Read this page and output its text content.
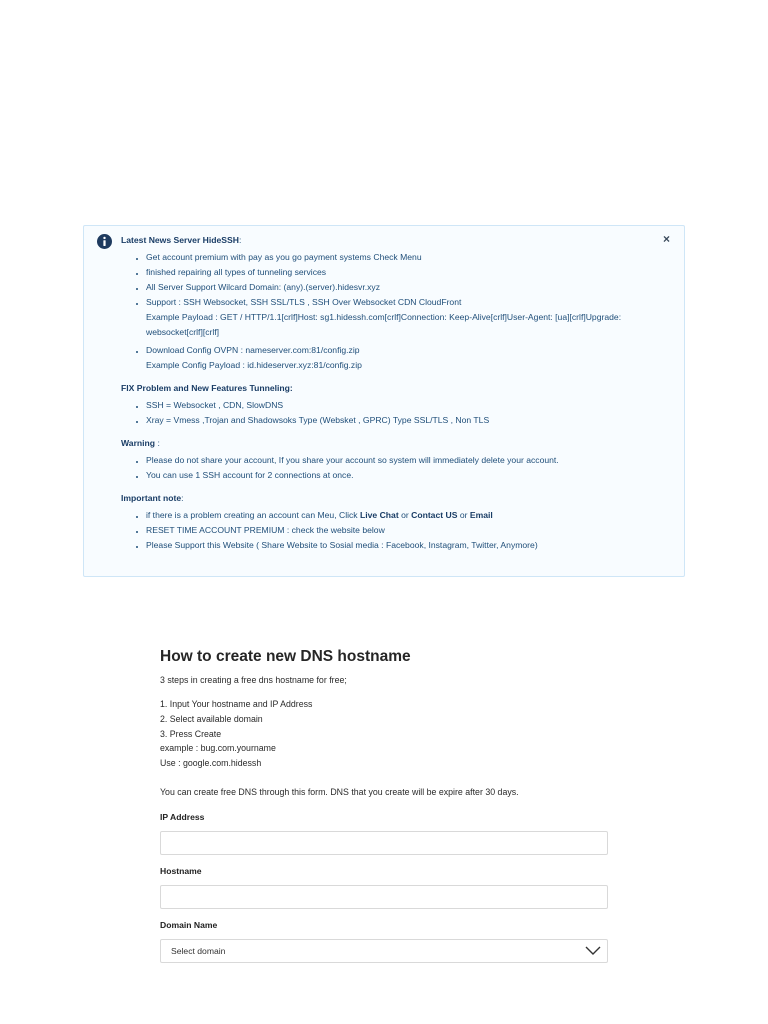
×
Latest News Server HideSSH:
• Get account premium with pay as you go payment systems Check Menu
• finished repairing all types of tunneling services
• All Server Support Wilcard Domain: (any).(server).hidesvr.xyz
• Support : SSH Websocket, SSH SSL/TLS , SSH Over Websocket CDN CloudFront
Example Payload : GET / HTTP/1.1[crlf]Host: sg1.hidessh.com[crlf]Connection: Keep-Alive[crlf]User-Agent: [ua][crlf]Upgrade:
websocket[crlf][crlf]
• Download Config OVPN : nameserver.com:81/config.zip
Example Config Payload : id.hideserver.xyz:81/config.zip
FIX Problem and New Features Tunneling:
• SSH = Websocket , CDN, SlowDNS
• Xray = Vmess ,Trojan and Shadowsoks Type (Websket , GPRC) Type SSL/TLS , Non TLS
Warning :
• Please do not share your account, If you share your account so system will immediately delete your account.
• You can use 1 SSH account for 2 connections at once.
Important note:
• if there is a problem creating an account can Meu, Click Live Chat or Contact US or Email
• RESET TIME ACCOUNT PREMIUM : check the website below
• Please Support this Website ( Share Website to Sosial media : Facebook, Instagram, Twitter, Anymore)
How to create new DNS hostname
3 steps in creating a free dns hostname for free;
1. Input Your hostname and IP Address
2. Select available domain
3. Press Create
example : bug.com.yourname
Use : google.com.hidessh
You can create free DNS through this form. DNS that you create will be expire after 30 days.
IP Address
Hostname
Domain Name
Select domain
